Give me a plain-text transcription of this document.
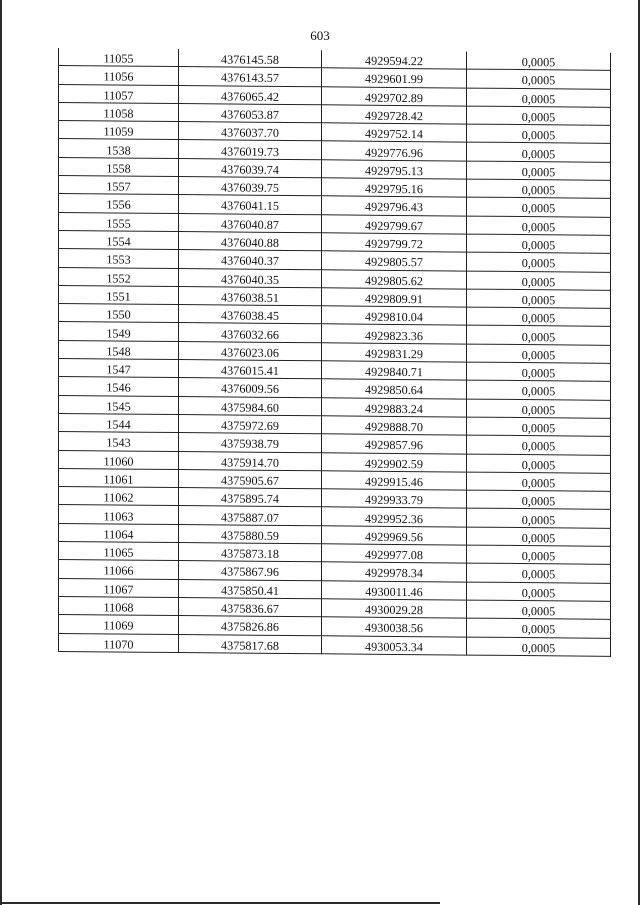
603
11055	4376145.58	4929594.22	0,0005
11056	4376143.57	4929601.99	0,0005
11057	4376065.42	4929702.89	0,0005
11058	4376053.87	4929728.42	0,0005
11059	4376037.70	4929752.14	0,0005
1538	4376019.73	4929776.96	0,0005
1558	4376039.74	4929795.13	0,0005
1557	4376039.75	4929795.16	0,0005
1556	4376041.15	4929796.43	0,0005
1555	4376040.87	4929799.67	0,0005
1554	4376040.88	4929799.72	0,0005
1553	4376040.37	4929805.57	0,0005
1552	4376040.35	4929805.62	0,0005
1551	4376038.51	4929809.91	0,0005
1550	4376038.45	4929810.04	0,0005
1549	4376032.66	4929823.36	0,0005
1548	4376023.06	4929831.29	0,0005
1547	4376015.41	4929840.71	0,0005
1546	4376009.56	4929850.64	0,0005
1545	4375984.60	4929883.24	0,0005
1544	4375972.69	4929888.70	0,0005
1543	4375938.79	4929857.96	0,0005
11060	4375914.70	4929902.59	0,0005
11061	4375905.67	4929915.46	0,0005
11062	4375895.74	4929933.79	0,0005
11063	4375887.07	4929952.36	0,0005
11064	4375880.59	4929969.56	0,0005
11065	4375873.18	4929977.08	0,0005
11066	4375867.96	4929978.34	0,0005
11067	4375850.41	4930011.46	0,0005
11068	4375836.67	4930029.28	0,0005
11069	4375826.86	4930038.56	0,0005
11070	4375817.68	4930053.34	0,0005
